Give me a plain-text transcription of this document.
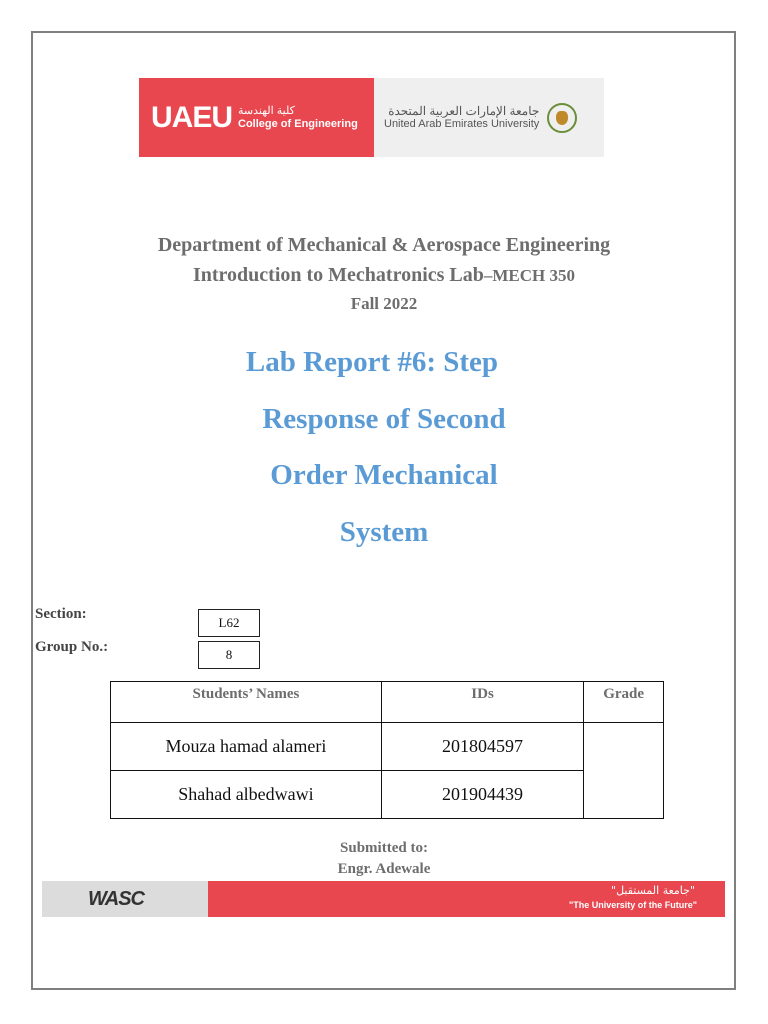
UAEU كلية الهندسة
College of Engineering
جامعة الإمارات العربية المتحدة
United Arab Emirates University
Department of Mechanical & Aerospace Engineering
Introduction to Mechatronics Lab–MECH 350
Fall 2022
Lab Report #6: Step
Response of Second
Order Mechanical
System
Section:
L62
Group No.:	8
Students’ Names	IDs	Grade
Mouza hamad alameri	201804597	
Shahad albedwawi	201904439	
Submitted to:
Engr. Adewale
WASC	"جامعة المستقبل"
"The University of the Future"
